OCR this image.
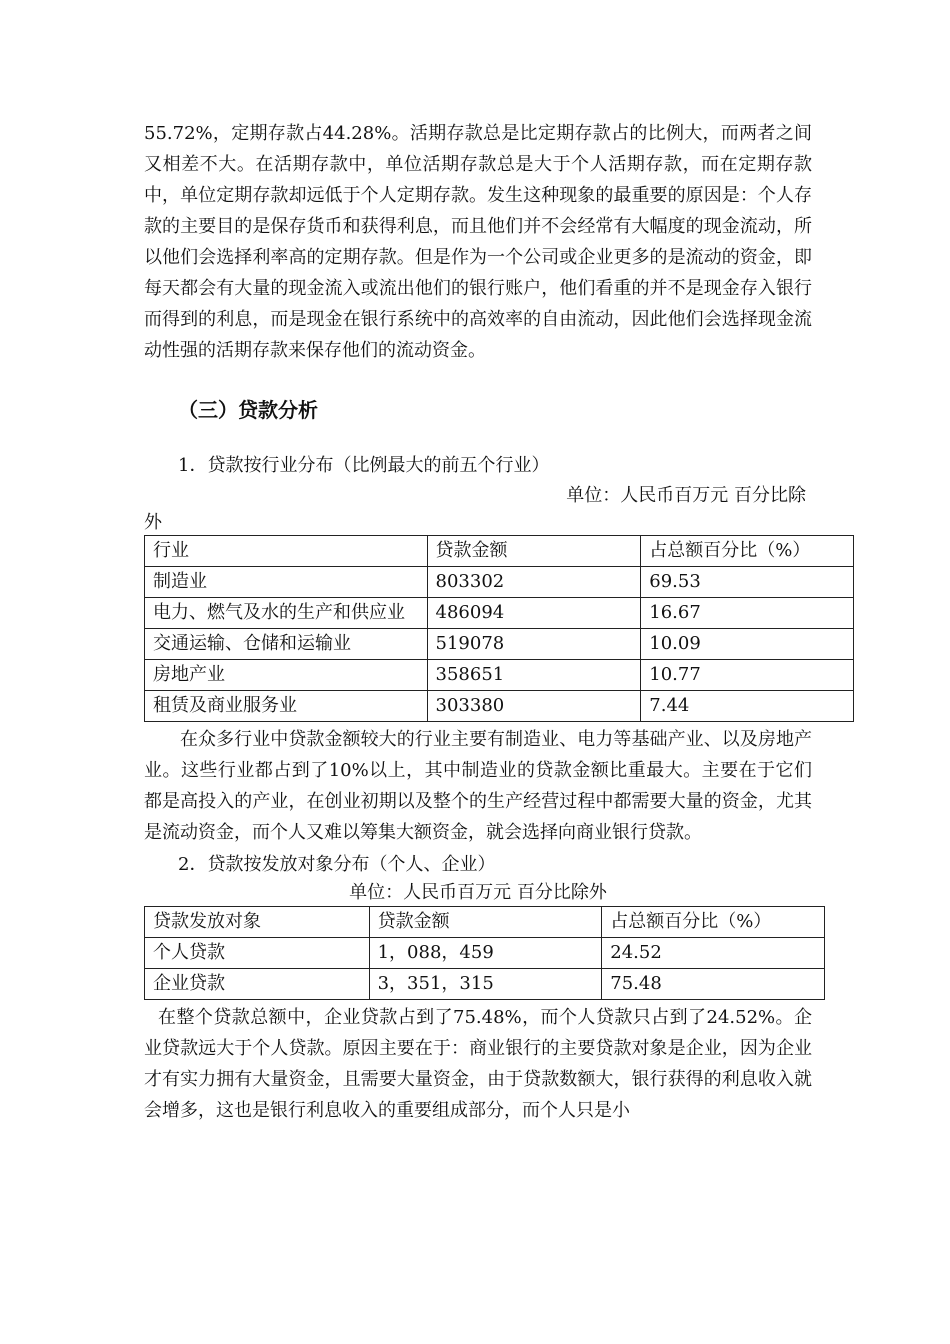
55.72%，定期存款占44.28%。活期存款总是比定期存款占的比例大，而两者之间又相差不大。在活期存款中，单位活期存款总是大于个人活期存款，而在定期存款中，单位定期存款却远低于个人定期存款。发生这种现象的最重要的原因是：个人存款的主要目的是保存货币和获得利息，而且他们并不会经常有大幅度的现金流动，所以他们会选择利率高的定期存款。但是作为一个公司或企业更多的是流动的资金，即每天都会有大量的现金流入或流出他们的银行账户，他们看重的并不是现金存入银行而得到的利息，而是现金在银行系统中的高效率的自由流动，因此他们会选择现金流动性强的活期存款来保存他们的流动资金。

（三）贷款分析

1．贷款按行业分布（比例最大的前五个行业）

单位：人民币百万元 百分比除

外

行业	贷款金额	占总额百分比（%）
制造业	803302	69.53
电力、燃气及水的生产和供应业	486094	16.67
交通运输、仓储和运输业	519078	10.09
房地产业	358651	10.77
租赁及商业服务业	303380	7.44

在众多行业中贷款金额较大的行业主要有制造业、电力等基础产业、以及房地产业。这些行业都占到了10%以上，其中制造业的贷款金额比重最大。主要在于它们都是高投入的产业，在创业初期以及整个的生产经营过程中都需要大量的资金，尤其是流动资金，而个人又难以筹集大额资金，就会选择向商业银行贷款。

2．贷款按发放对象分布（个人、企业）

单位：人民币百万元 百分比除外

贷款发放对象	贷款金额	占总额百分比（%）
个人贷款	1，088，459	24.52
企业贷款	3，351，315	75.48

在整个贷款总额中，企业贷款占到了75.48%，而个人贷款只占到了24.52%。企业贷款远大于个人贷款。原因主要在于：商业银行的主要贷款对象是企业，因为企业才有实力拥有大量资金，且需要大量资金，由于贷款数额大，银行获得的利息收入就会增多，这也是银行利息收入的重要组成部分，而个人只是小
